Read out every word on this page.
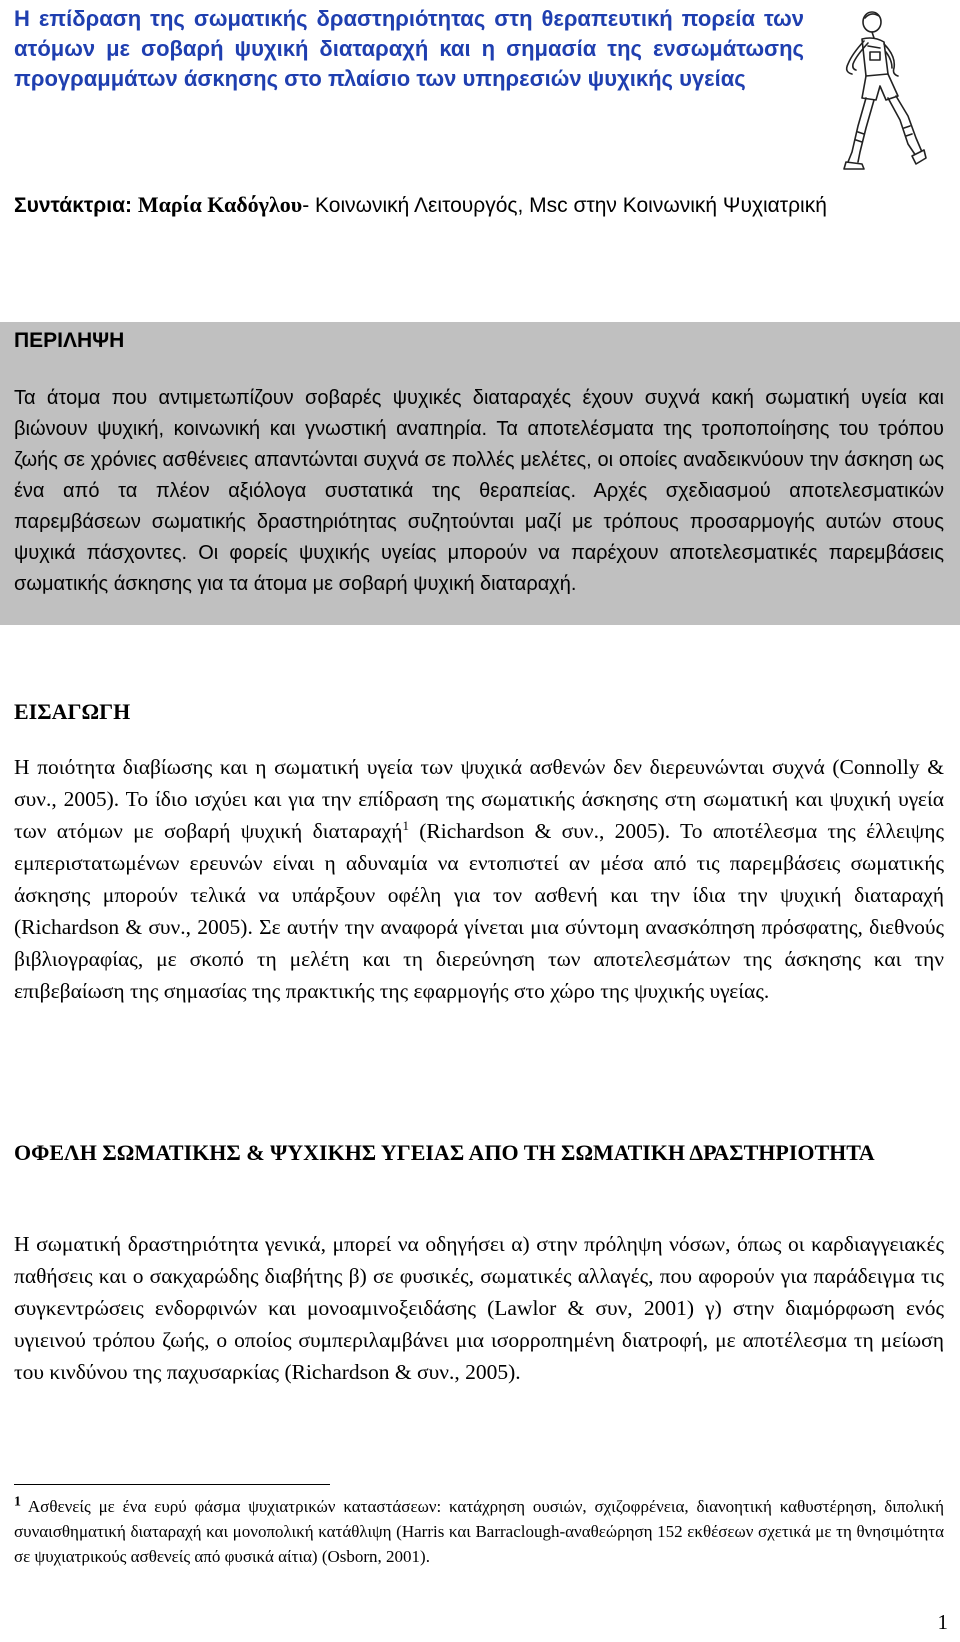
Η επίδραση της σωματικής δραστηριότητας στη θεραπευτική πορεία των ατόμων με σοβαρή ψυχική διαταραχή και η σημασία της ενσωμάτωσης προγραμμάτων άσκησης στο πλαίσιο των υπηρεσιών ψυχικής υγείας

Συντάκτρια: Μαρία Καδόγλου- Κοινωνική Λειτουργός, Msc στην Κοινωνική Ψυχιατρική

ΠΕΡΙΛΗΨΗ

Τα άτομα που αντιμετωπίζουν σοβαρές ψυχικές διαταραχές έχουν συχνά κακή σωματική υγεία και βιώνουν ψυχική, κοινωνική και γνωστική αναπηρία. Τα αποτελέσματα της τροποποίησης του τρόπου ζωής σε χρόνιες ασθένειες απαντώνται συχνά σε πολλές μελέτες, οι οποίες αναδεικνύουν την άσκηση ως ένα από τα πλέον αξιόλογα συστατικά της θεραπείας. Αρχές σχεδιασμού αποτελεσματικών παρεμβάσεων σωματικής δραστηριότητας συζητούνται μαζί με τρόπους προσαρμογής αυτών στους ψυχικά πάσχοντες. Οι φορείς ψυχικής υγείας μπορούν να παρέχουν αποτελεσματικές παρεμβάσεις σωματικής άσκησης για τα άτομα με σοβαρή ψυχική διαταραχή.

ΕΙΣΑΓΩΓΗ

Η ποιότητα διαβίωσης και η σωματική υγεία των ψυχικά ασθενών δεν διερευνώνται συχνά (Connolly & συν., 2005). Το ίδιο ισχύει και για την επίδραση της σωματικής άσκησης στη σωματική και ψυχική υγεία των ατόμων με σοβαρή ψυχική διαταραχή$^1$ (Richardson & συν., 2005). Το αποτέλεσμα της έλλειψης εμπεριστατωμένων ερευνών είναι η αδυναμία να εντοπιστεί αν μέσα από τις παρεμβάσεις σωματικής άσκησης μπορούν τελικά να υπάρξουν οφέλη για τον ασθενή και την ίδια την ψυχική διαταραχή (Richardson & συν., 2005). Σε αυτήν την αναφορά γίνεται μια σύντομη ανασκόπηση πρόσφατης, διεθνούς βιβλιογραφίας, με σκοπό τη μελέτη και τη διερεύνηση των αποτελεσμάτων της άσκησης και την επιβεβαίωση της σημασίας της πρακτικής της εφαρμογής στο χώρο της ψυχικής υγείας.

ΟΦΕΛΗ ΣΩΜΑΤΙΚΗΣ & ΨΥΧΙΚΗΣ ΥΓΕΙΑΣ ΑΠΟ ΤΗ ΣΩΜΑΤΙΚΗ ΔΡΑΣΤΗΡΙΟΤΗΤΑ

Η σωματική δραστηριότητα γενικά, μπορεί να οδηγήσει α) στην πρόληψη νόσων, όπως οι καρδιαγγειακές παθήσεις και ο σακχαρώδης διαβήτης β) σε φυσικές, σωματικές αλλαγές, που αφορούν για παράδειγμα τις συγκεντρώσεις ενδορφινών και μονοαμινοξειδάσης (Lawlor & συν, 2001) γ) στην διαμόρφωση ενός υγιεινού τρόπου ζωής, ο οποίος συμπεριλαμβάνει μια ισορροπημένη διατροφή, με αποτέλεσμα τη μείωση του κινδύνου της παχυσαρκίας (Richardson & συν., 2005).

$^1$ Ασθενείς με ένα ευρύ φάσμα ψυχιατρικών καταστάσεων: κατάχρηση ουσιών, σχιζοφρένεια, διανοητική καθυστέρηση, διπολική συναισθηματική διαταραχή και μονοπολική κατάθλιψη (Harris και Barraclough-αναθεώρηση 152 εκθέσεων σχετικά με τη θνησιμότητα σε ψυχιατρικούς ασθενείς από φυσικά αίτια) (Osborn, 2001).

1
